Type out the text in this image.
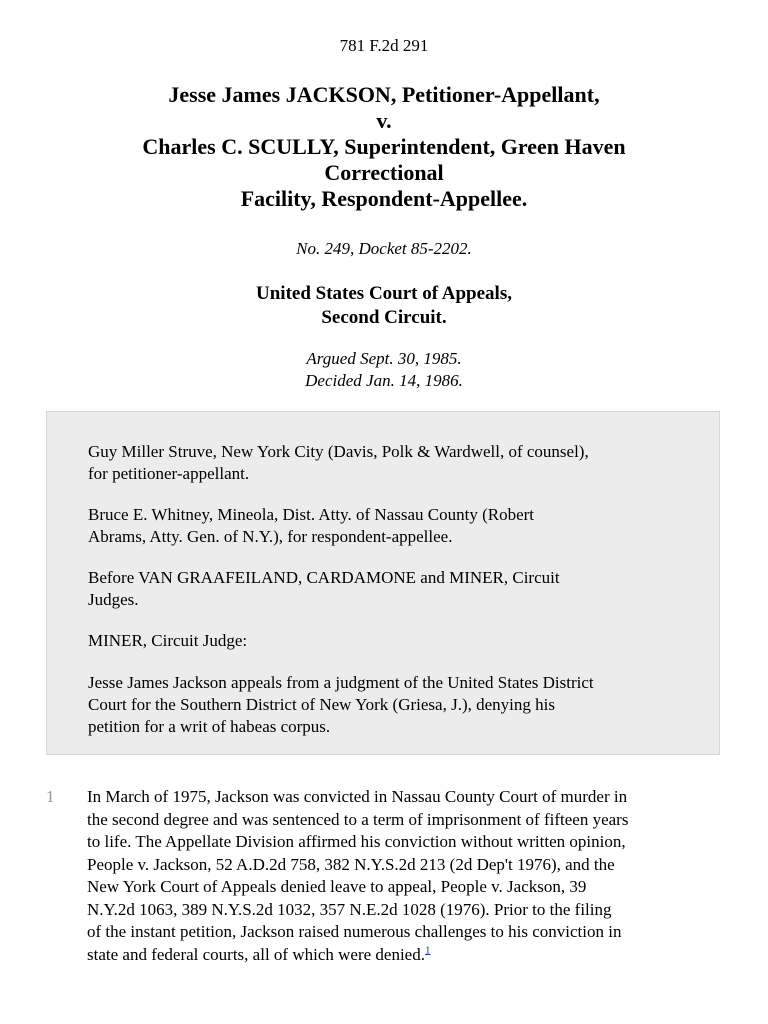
781 F.2d 291
Jesse James JACKSON, Petitioner-Appellant,
v.
Charles C. SCULLY, Superintendent, Green Haven
Correctional
Facility, Respondent-Appellee.
No. 249, Docket 85-2202.
United States Court of Appeals,
Second Circuit.
Argued Sept. 30, 1985.
Decided Jan. 14, 1986.

Guy Miller Struve, New York City (Davis, Polk & Wardwell, of counsel),
for petitioner-appellant.

Bruce E. Whitney, Mineola, Dist. Atty. of Nassau County (Robert
Abrams, Atty. Gen. of N.Y.), for respondent-appellee.

Before VAN GRAAFEILAND, CARDAMONE and MINER, Circuit
Judges.

MINER, Circuit Judge:

Jesse James Jackson appeals from a judgment of the United States District
Court for the Southern District of New York (Griesa, J.), denying his
petition for a writ of habeas corpus.

1 In March of 1975, Jackson was convicted in Nassau County Court of murder in
the second degree and was sentenced to a term of imprisonment of fifteen years
to life. The Appellate Division affirmed his conviction without written opinion,
People v. Jackson, 52 A.D.2d 758, 382 N.Y.S.2d 213 (2d Dep't 1976), and the
New York Court of Appeals denied leave to appeal, People v. Jackson, 39
N.Y.2d 1063, 389 N.Y.S.2d 1032, 357 N.E.2d 1028 (1976). Prior to the filing
of the instant petition, Jackson raised numerous challenges to his conviction in
state and federal courts, all of which were denied.$^1$
